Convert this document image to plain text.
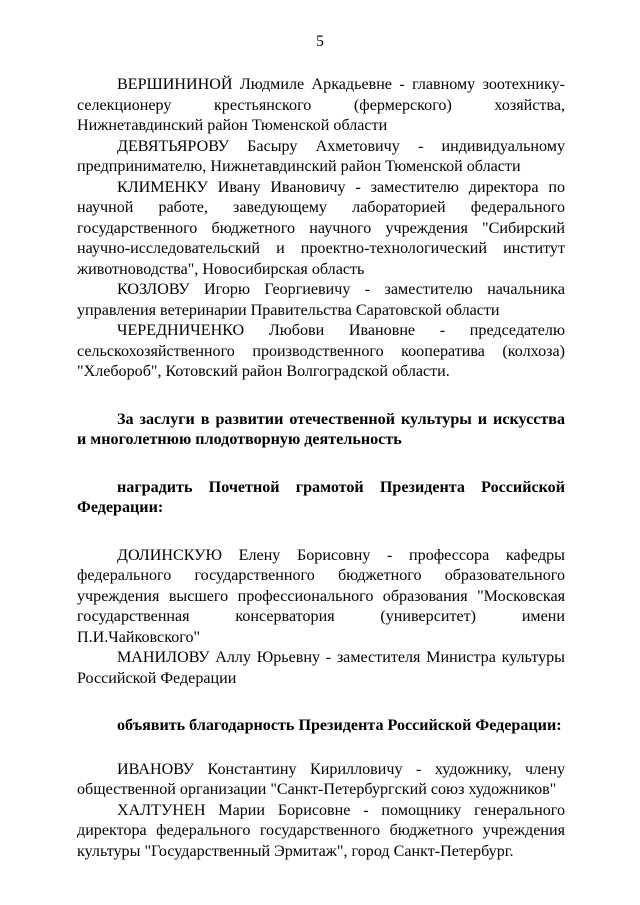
5
ВЕРШИНИНОЙ Людмиле Аркадьевне - главному зоотехнику-
селекционеру крестьянского (фермерского) хозяйства,
Нижнетавдинский район Тюменской области
ДЕВЯТЬЯРОВУ Басыру Ахметовичу - индивидуальному
предпринимателю, Нижнетавдинский район Тюменской области
КЛИМЕНКУ Ивану Ивановичу - заместителю директора по
научной работе, заведующему лабораторией федерального
государственного бюджетного научного учреждения "Сибирский
научно-исследовательский и проектно-технологический институт
животноводства", Новосибирская область
КОЗЛОВУ Игорю Георгиевичу - заместителю начальника
управления ветеринарии Правительства Саратовской области
ЧЕРЕДНИЧЕНКО Любови Ивановне - председателю
сельскохозяйственного производственного кооператива (колхоза)
"Хлебороб", Котовский район Волгоградской области.
За заслуги в развитии отечественной культуры и искусства
и многолетнюю плодотворную деятельность
наградить Почетной грамотой Президента Российской
Федерации:
ДОЛИНСКУЮ Елену Борисовну - профессора кафедры
федерального государственного бюджетного образовательного
учреждения высшего профессионального образования "Московская
государственная консерватория (университет) имени
П.И.Чайковского"
МАНИЛОВУ Аллу Юрьевну - заместителя Министра культуры
Российской Федерации
объявить благодарность Президента Российской Федерации:
ИВАНОВУ Константину Кирилловичу - художнику, члену
общественной организации "Санкт-Петербургский союз художников"
ХАЛТУНЕН Марии Борисовне - помощнику генерального
директора федерального государственного бюджетного учреждения
культуры "Государственный Эрмитаж", город Санкт-Петербург.
